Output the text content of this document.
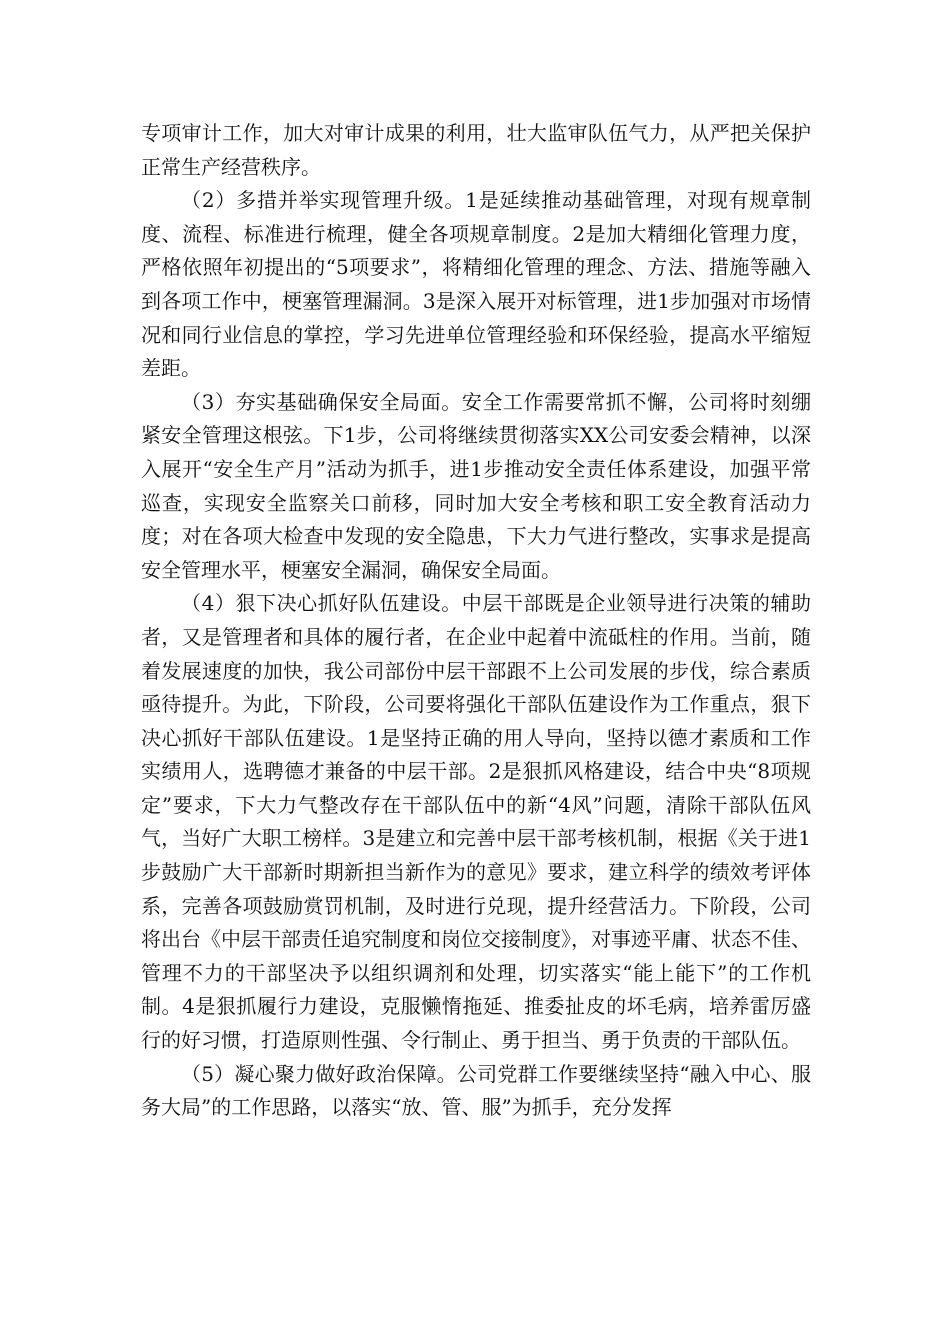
专项审计工作，加大对审计成果的利用，壮大监审队伍气力，从严把关保护正常生产经营秩序。

（2）多措并举实现管理升级。1是延续推动基础管理，对现有规章制度、流程、标准进行梳理，健全各项规章制度。2是加大精细化管理力度，严格依照年初提出的“5项要求”，将精细化管理的理念、方法、措施等融入到各项工作中，梗塞管理漏洞。3是深入展开对标管理，进1步加强对市场情况和同行业信息的掌控，学习先进单位管理经验和环保经验，提高水平缩短差距。

（3）夯实基础确保安全局面。安全工作需要常抓不懈，公司将时刻绷紧安全管理这根弦。下1步，公司将继续贯彻落实XX公司安委会精神，以深入展开“安全生产月”活动为抓手，进1步推动安全责任体系建设，加强平常巡查，实现安全监察关口前移，同时加大安全考核和职工安全教育活动力度；对在各项大检查中发现的安全隐患，下大力气进行整改，实事求是提高安全管理水平，梗塞安全漏洞，确保安全局面。

（4）狠下决心抓好队伍建设。中层干部既是企业领导进行决策的辅助者，又是管理者和具体的履行者，在企业中起着中流砥柱的作用。当前，随着发展速度的加快，我公司部份中层干部跟不上公司发展的步伐，综合素质亟待提升。为此，下阶段，公司要将强化干部队伍建设作为工作重点，狠下决心抓好干部队伍建设。1是坚持正确的用人导向，坚持以德才素质和工作实绩用人，选聘德才兼备的中层干部。2是狠抓风格建设，结合中央“8项规定”要求，下大力气整改存在干部队伍中的新“4风”问题，清除干部队伍风气，当好广大职工榜样。3是建立和完善中层干部考核机制，根据《关于进1步鼓励广大干部新时期新担当新作为的意见》要求，建立科学的绩效考评体系，完善各项鼓励赏罚机制，及时进行兑现，提升经营活力。下阶段，公司将出台《中层干部责任追究制度和岗位交接制度》，对事迹平庸、状态不佳、管理不力的干部坚决予以组织调剂和处理，切实落实“能上能下”的工作机制。4是狠抓履行力建设，克服懒惰拖延、推委扯皮的坏毛病，培养雷厉盛行的好习惯，打造原则性强、令行制止、勇于担当、勇于负责的干部队伍。

（5）凝心聚力做好政治保障。公司党群工作要继续坚持“融入中心、服务大局”的工作思路，以落实“放、管、服”为抓手，充分发挥
